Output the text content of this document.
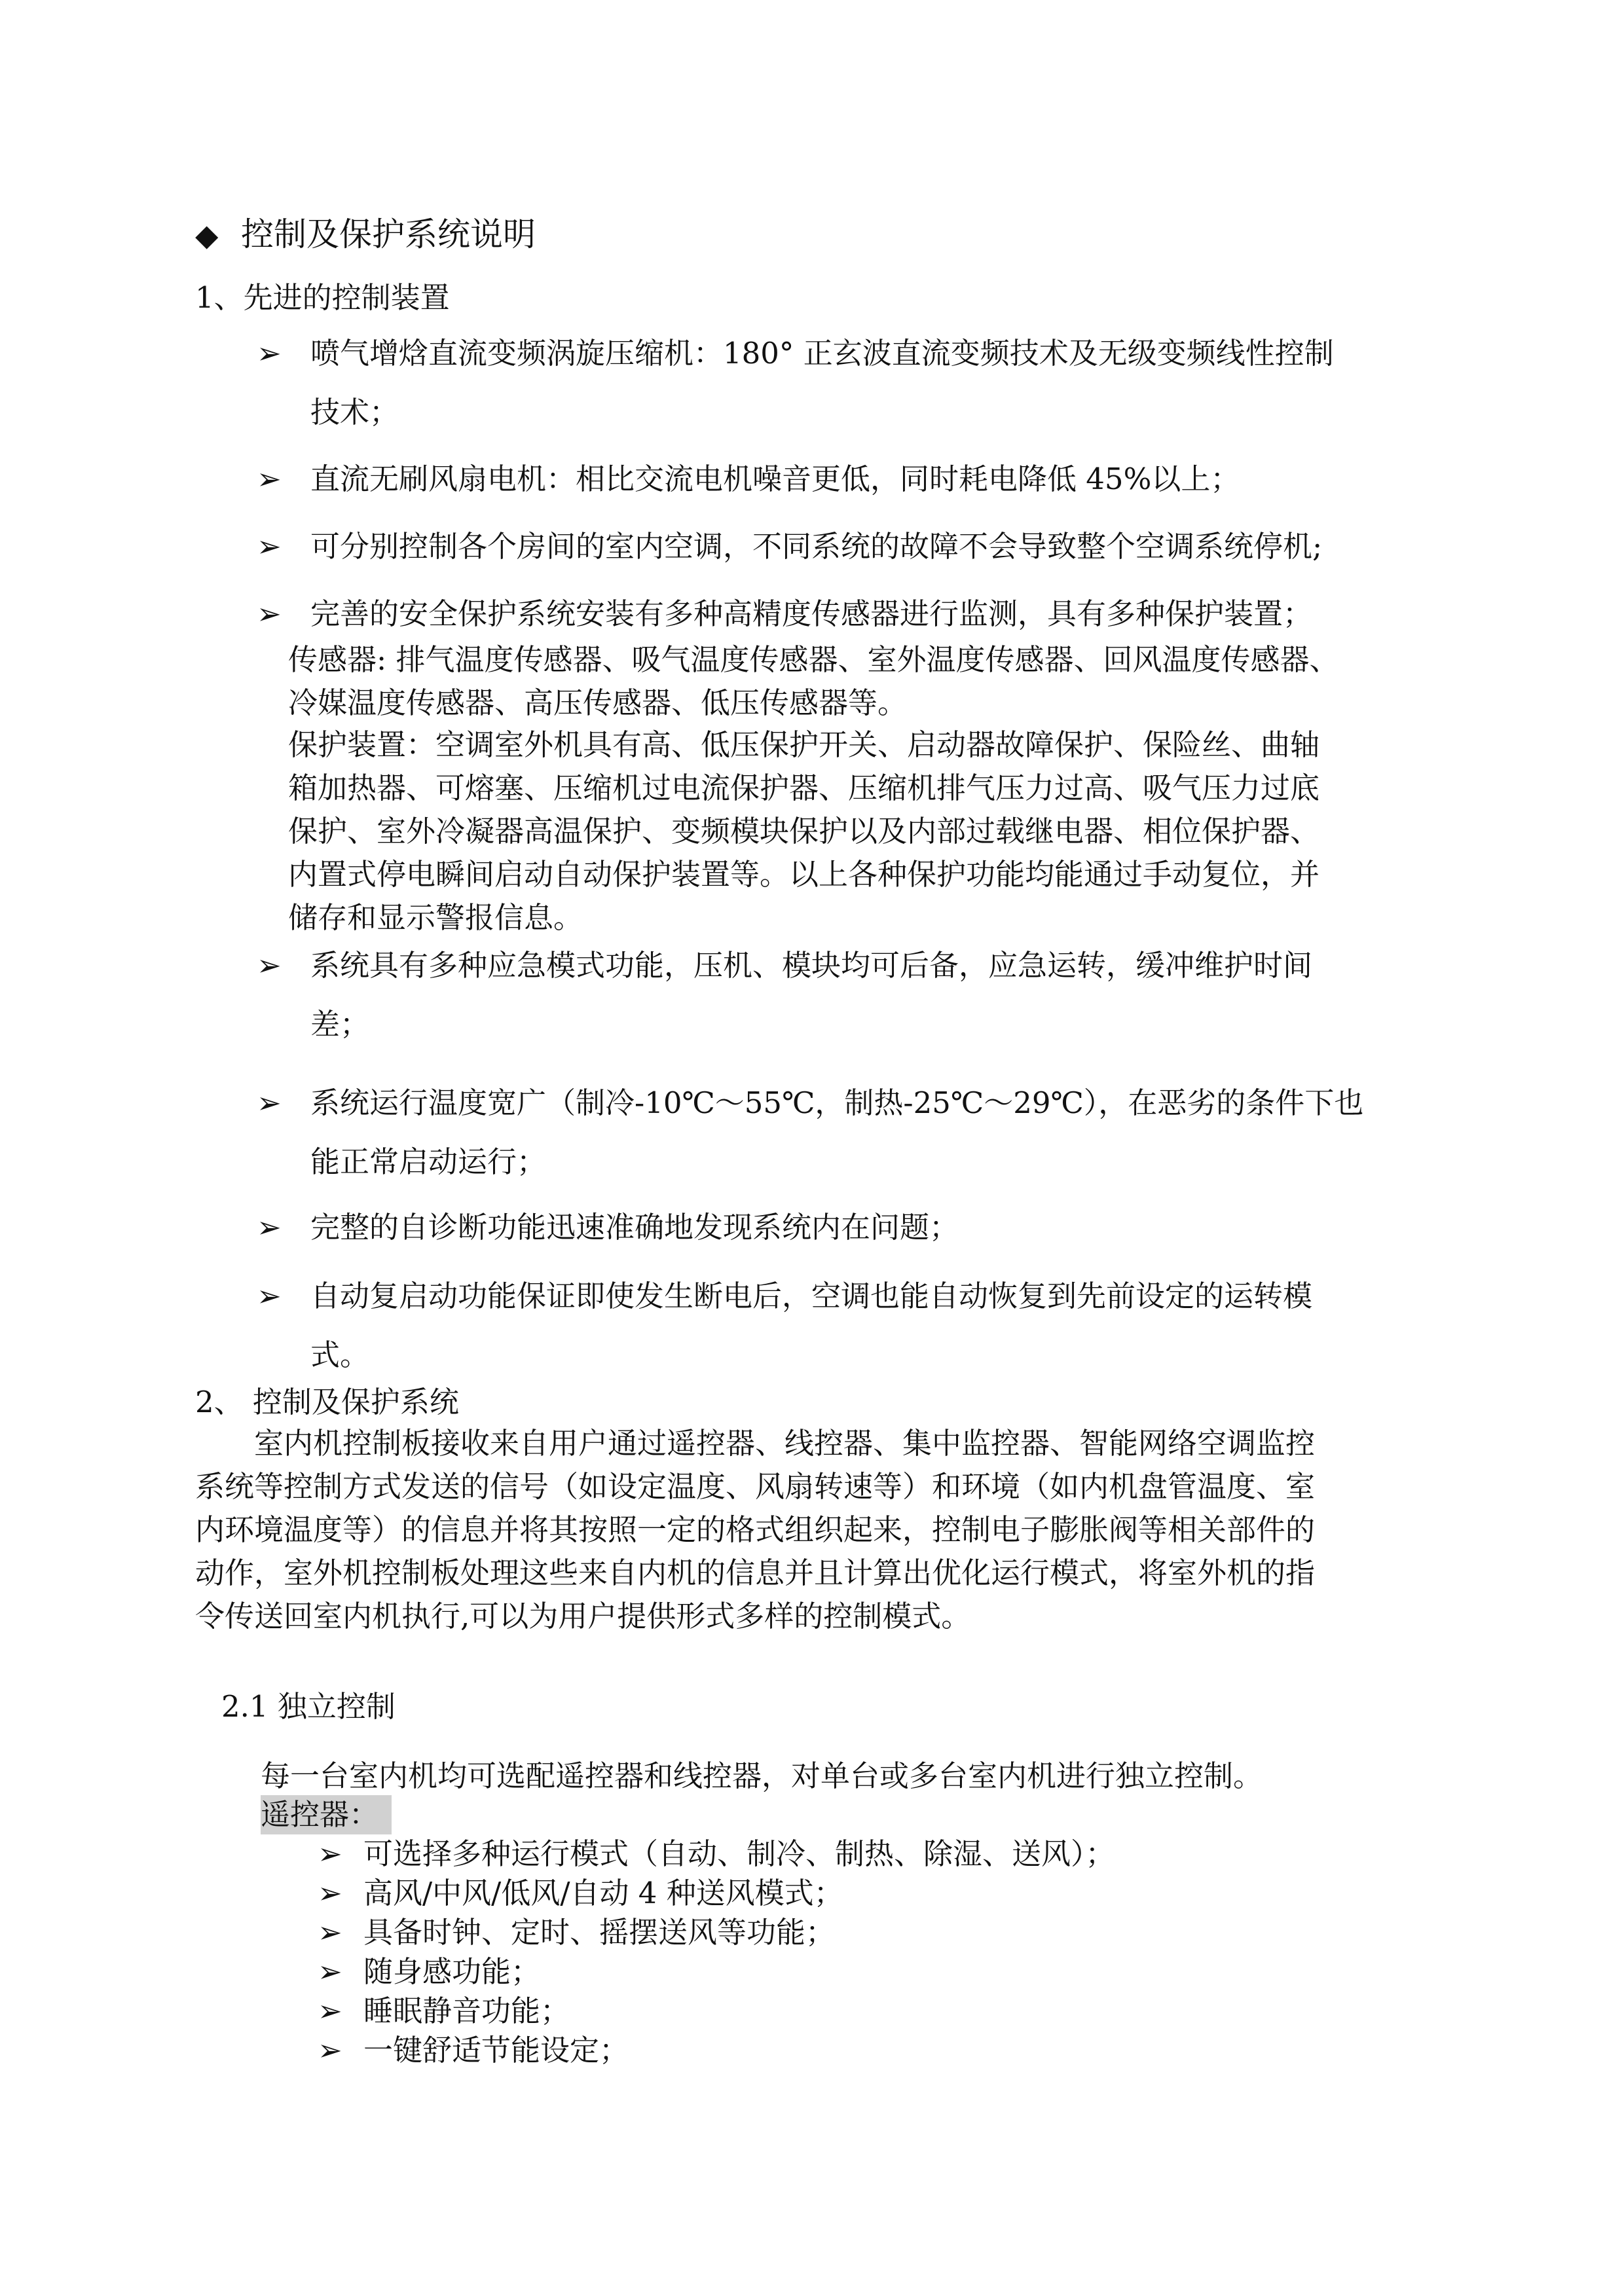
◆ 控制及保护系统说明
1、先进的控制装置
➢ 喷气增焓直流变频涡旋压缩机：180° 正玄波直流变频技术及无级变频线性控制
技术；
➢ 直流无刷风扇电机：相比交流电机噪音更低，同时耗电降低 45%以上；
➢ 可分别控制各个房间的室内空调，不同系统的故障不会导致整个空调系统停机;
➢ 完善的安全保护系统安装有多种高精度传感器进行监测，具有多种保护装置；
传感器: 排气温度传感器、吸气温度传感器、室外温度传感器、回风温度传感器、
冷媒温度传感器、高压传感器、低压传感器等。
保护装置：空调室外机具有高、低压保护开关、启动器故障保护、保险丝、曲轴
箱加热器、可熔塞、压缩机过电流保护器、压缩机排气压力过高、吸气压力过底
保护、室外冷凝器高温保护、变频模块保护以及内部过载继电器、相位保护器、
内置式停电瞬间启动自动保护装置等。以上各种保护功能均能通过手动复位，并
储存和显示警报信息。
➢ 系统具有多种应急模式功能，压机、模块均可后备，应急运转，缓冲维护时间
差；
➢ 系统运行温度宽广（制冷-10℃～55℃，制热-25℃～29℃），在恶劣的条件下也
能正常启动运行；
➢ 完整的自诊断功能迅速准确地发现系统内在问题；
➢ 自动复启动功能保证即使发生断电后，空调也能自动恢复到先前设定的运转模
式。
2、 控制及保护系统
　　室内机控制板接收来自用户通过遥控器、线控器、集中监控器、智能网络空调监控
系统等控制方式发送的信号（如设定温度、风扇转速等）和环境（如内机盘管温度、室
内环境温度等）的信息并将其按照一定的格式组织起来，控制电子膨胀阀等相关部件的
动作，室外机控制板处理这些来自内机的信息并且计算出优化运行模式，将室外机的指
令传送回室内机执行,可以为用户提供形式多样的控制模式。
2.1 独立控制
每一台室内机均可选配遥控器和线控器，对单台或多台室内机进行独立控制。
遥控器：
➢ 可选择多种运行模式（自动、制冷、制热、除湿、送风）；
➢ 高风/中风/低风/自动 4 种送风模式；
➢ 具备时钟、定时、摇摆送风等功能；
➢ 随身感功能；
➢ 睡眠静音功能；
➢ 一键舒适节能设定；
